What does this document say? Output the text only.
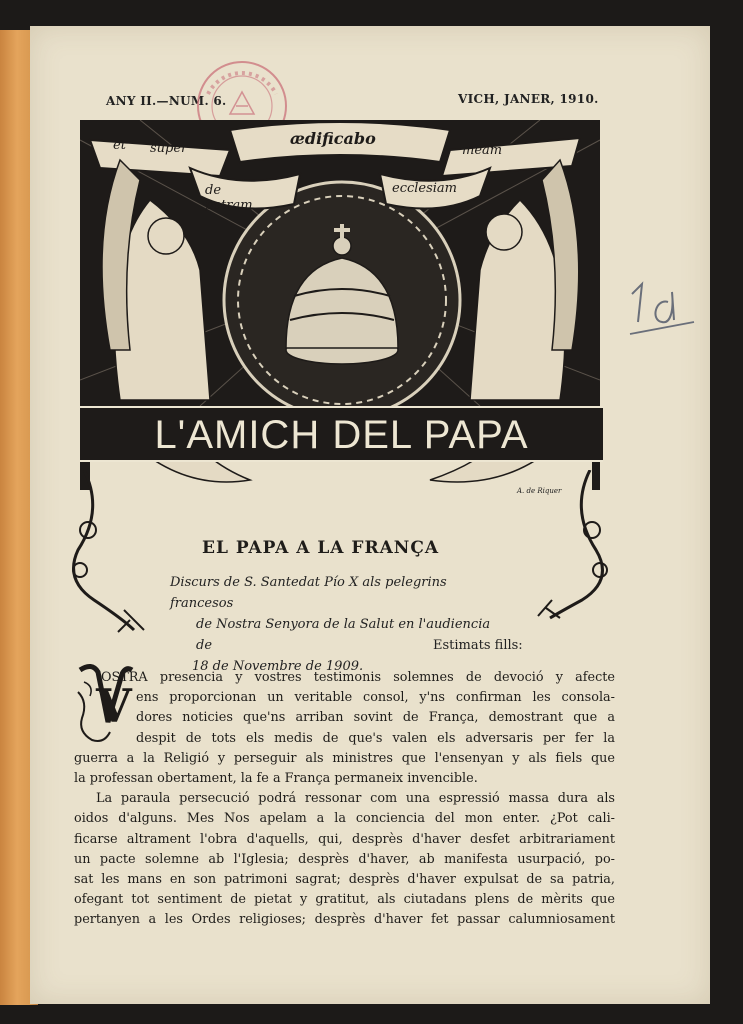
ANY II.—NUM. 6.	VICH, JANER, 1910.
et super
ædificabo
meam
de petram
ecclesiam
L'AMICH DEL PAPA
A. de Riquer
EL PAPA A LA FRANÇA
Discurs de S. Santedat Pío X als pelegrins francesos
de Nostra Senyora de la Salut en l'audiencia de
18 de Novembre de 1909.
Estimats fills:
V
OSTRA presencia y vostres testimonis solemnes de devoció y afecte
ens proporcionan un veritable consol, y'ns confirman les consola-
dores noticies que'ns arriban sovint de França, demostrant que a
despit de tots els medis de que's valen els adversaris per fer la
guerra a la Religió y perseguir als ministres que l'ensenyan y als fiels que
la professan obertament, la fe a França permaneix invencible.
La paraula persecució podrá ressonar com una espressió massa dura als
oidos d'alguns. Mes Nos apelam a la conciencia del mon enter. ¿Pot cali-
ficarse altrament l'obra d'aquells, qui, desprès d'haver desfet arbitrariament
un pacte solemne ab l'Iglesia; desprès d'haver, ab manifesta usurpació, po-
sat les mans en son patrimoni sagrat; desprès d'haver expulsat de sa patria,
ofegant tot sentiment de pietat y gratitut, als ciutadans plens de mèrits que
pertanyen a les Ordes religioses; desprès d'haver fet passar calumniosament
